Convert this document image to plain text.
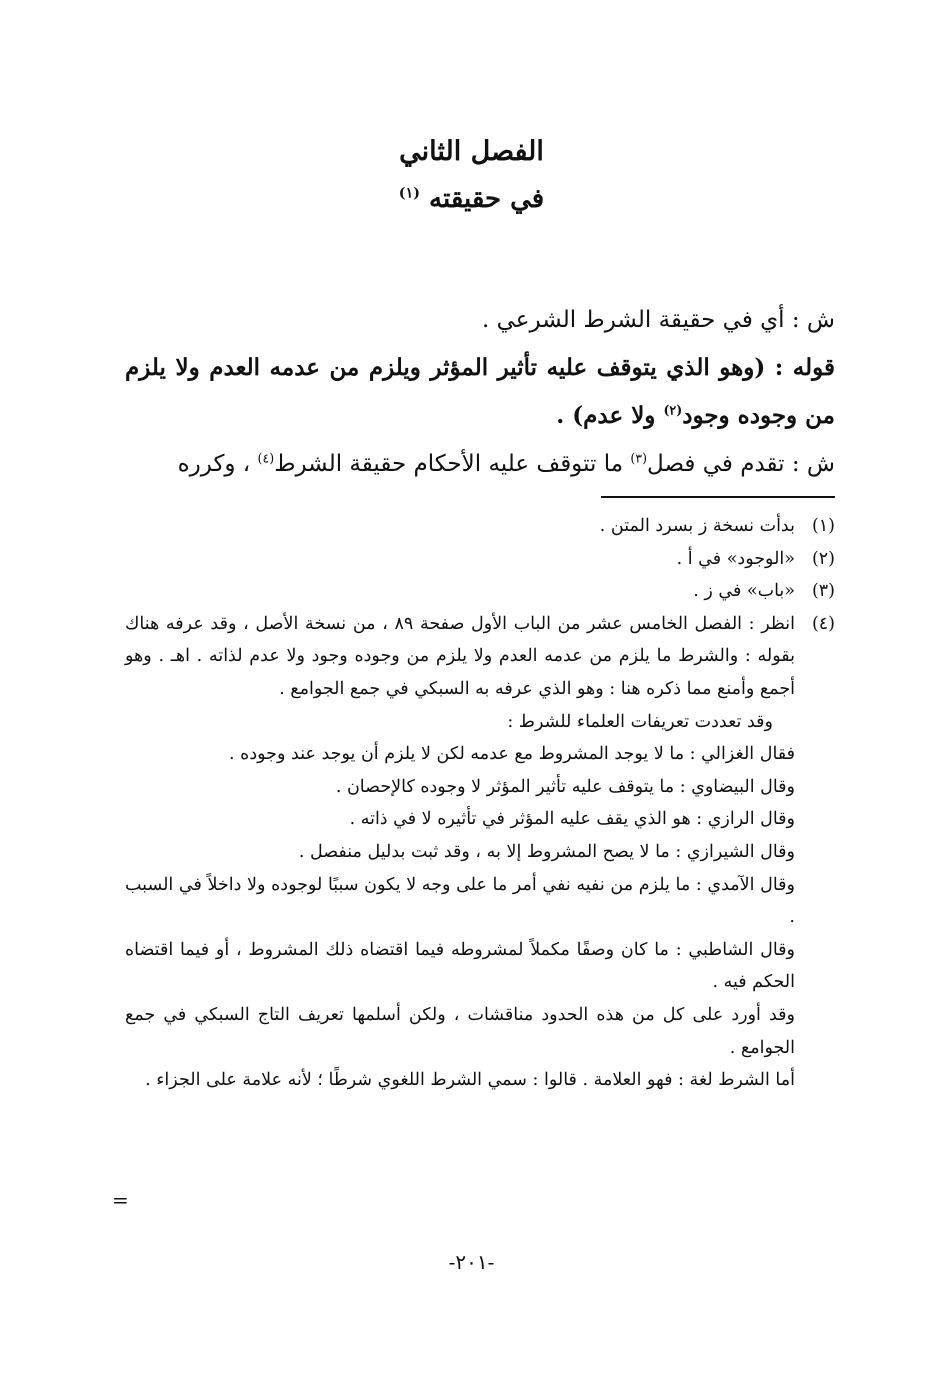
الفصل الثاني
في حقيقته $^{(١)}$

ش : أي في حقيقة الشرط الشرعي .

قوله : (وهو الذي يتوقف عليه تأثير المؤثر ويلزم من عدمه العدم ولا يلزم من وجوده وجود$^{(٢)}$ ولا عدم) .

ش : تقدم في فصل$^{(٣)}$ ما تتوقف عليه الأحكام حقيقة الشرط$^{(٤)}$ ، وكرره

(١)
بدأت نسخة ز بسرد المتن .
(٢)
«الوجود» في أ .
(٣)
«باب» في ز .
(٤)
انظر : الفصل الخامس عشر من الباب الأول صفحة ٨٩ ، من نسخة الأصل ، وقد عرفه هناك بقوله : والشرط ما يلزم من عدمه العدم ولا يلزم من وجوده وجود ولا عدم لذاته . اهـ . وهو أجمع وأمنع مما ذكره هنا : وهو الذي عرفه به السبكي في جمع الجوامع .
وقد تعددت تعريفات العلماء للشرط :
فقال الغزالي : ما لا يوجد المشروط مع عدمه لكن لا يلزم أن يوجد عند وجوده .
وقال البيضاوي : ما يتوقف عليه تأثير المؤثر لا وجوده كالإحصان .
وقال الرازي : هو الذي يقف عليه المؤثر في تأثيره لا في ذاته .
وقال الشيرازي : ما لا يصح المشروط إلا به ، وقد ثبت بدليل منفصل .
وقال الآمدي : ما يلزم من نفيه نفي أمر ما على وجه لا يكون سببًا لوجوده ولا داخلاً في السبب .
وقال الشاطبي : ما كان وصفًا مكملاً لمشروطه فيما اقتضاه ذلك المشروط ، أو فيما اقتضاه الحكم فيه .
وقد أورد على كل من هذه الحدود مناقشات ، ولكن أسلمها تعريف التاج السبكي في جمع الجوامع .
أما الشرط لغة : فهو العلامة . قالوا : سمي الشرط اللغوي شرطًا ؛ لأنه علامة على الجزاء .
=
-٢٠١-
